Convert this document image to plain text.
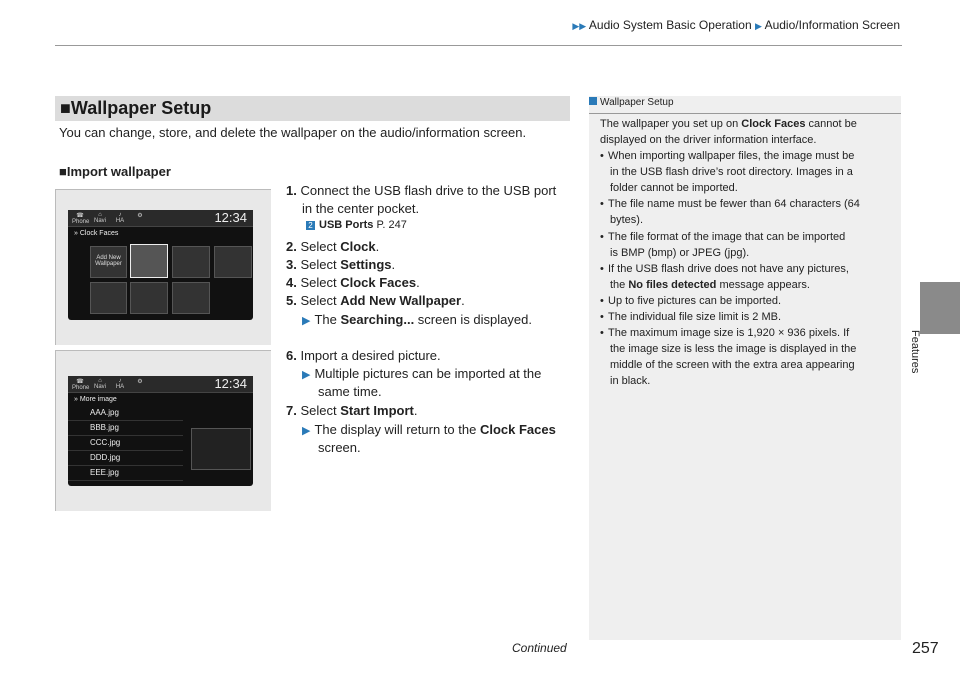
▶▶ Audio System Basic Operation ▶ Audio/Information Screen
Features
■Wallpaper Setup
You can change, store, and delete the wallpaper on the audio/information screen.
■Import wallpaper
☎
Phone
⌂
Navi
♪
HA
⚙	12:34
» Clock Faces
Add New Wallpaper
☎
Phone
⌂
Navi
♪
HA
⚙	12:34
» More image
AAA.jpg
BBB.jpg
CCC.jpg
DDD.jpg
EEE.jpg
1. Connect the USB flash drive to the USB port
in the center pocket.
2 USB Ports P. 247
2. Select Clock.
3. Select Settings.
4. Select Clock Faces.
5. Select Add New Wallpaper.
▶ The Searching... screen is displayed.
6. Import a desired picture.
▶ Multiple pictures can be imported at the
same time.
7. Select Start Import.
▶ The display will return to the Clock Faces
screen.
Wallpaper Setup
The wallpaper you set up on Clock Faces cannot be
displayed on the driver information interface.
• When importing wallpaper files, the image must be
in the USB flash drive’s root directory. Images in a
folder cannot be imported.
• The file name must be fewer than 64 characters (64
bytes).
• The file format of the image that can be imported
is BMP (bmp) or JPEG (jpg).
• If the USB flash drive does not have any pictures,
the No files detected message appears.
• Up to five pictures can be imported.
• The individual file size limit is 2 MB.
• The maximum image size is 1,920 × 936 pixels. If
the image size is less the image is displayed in the
middle of the screen with the extra area appearing
in black.
Continued	257
